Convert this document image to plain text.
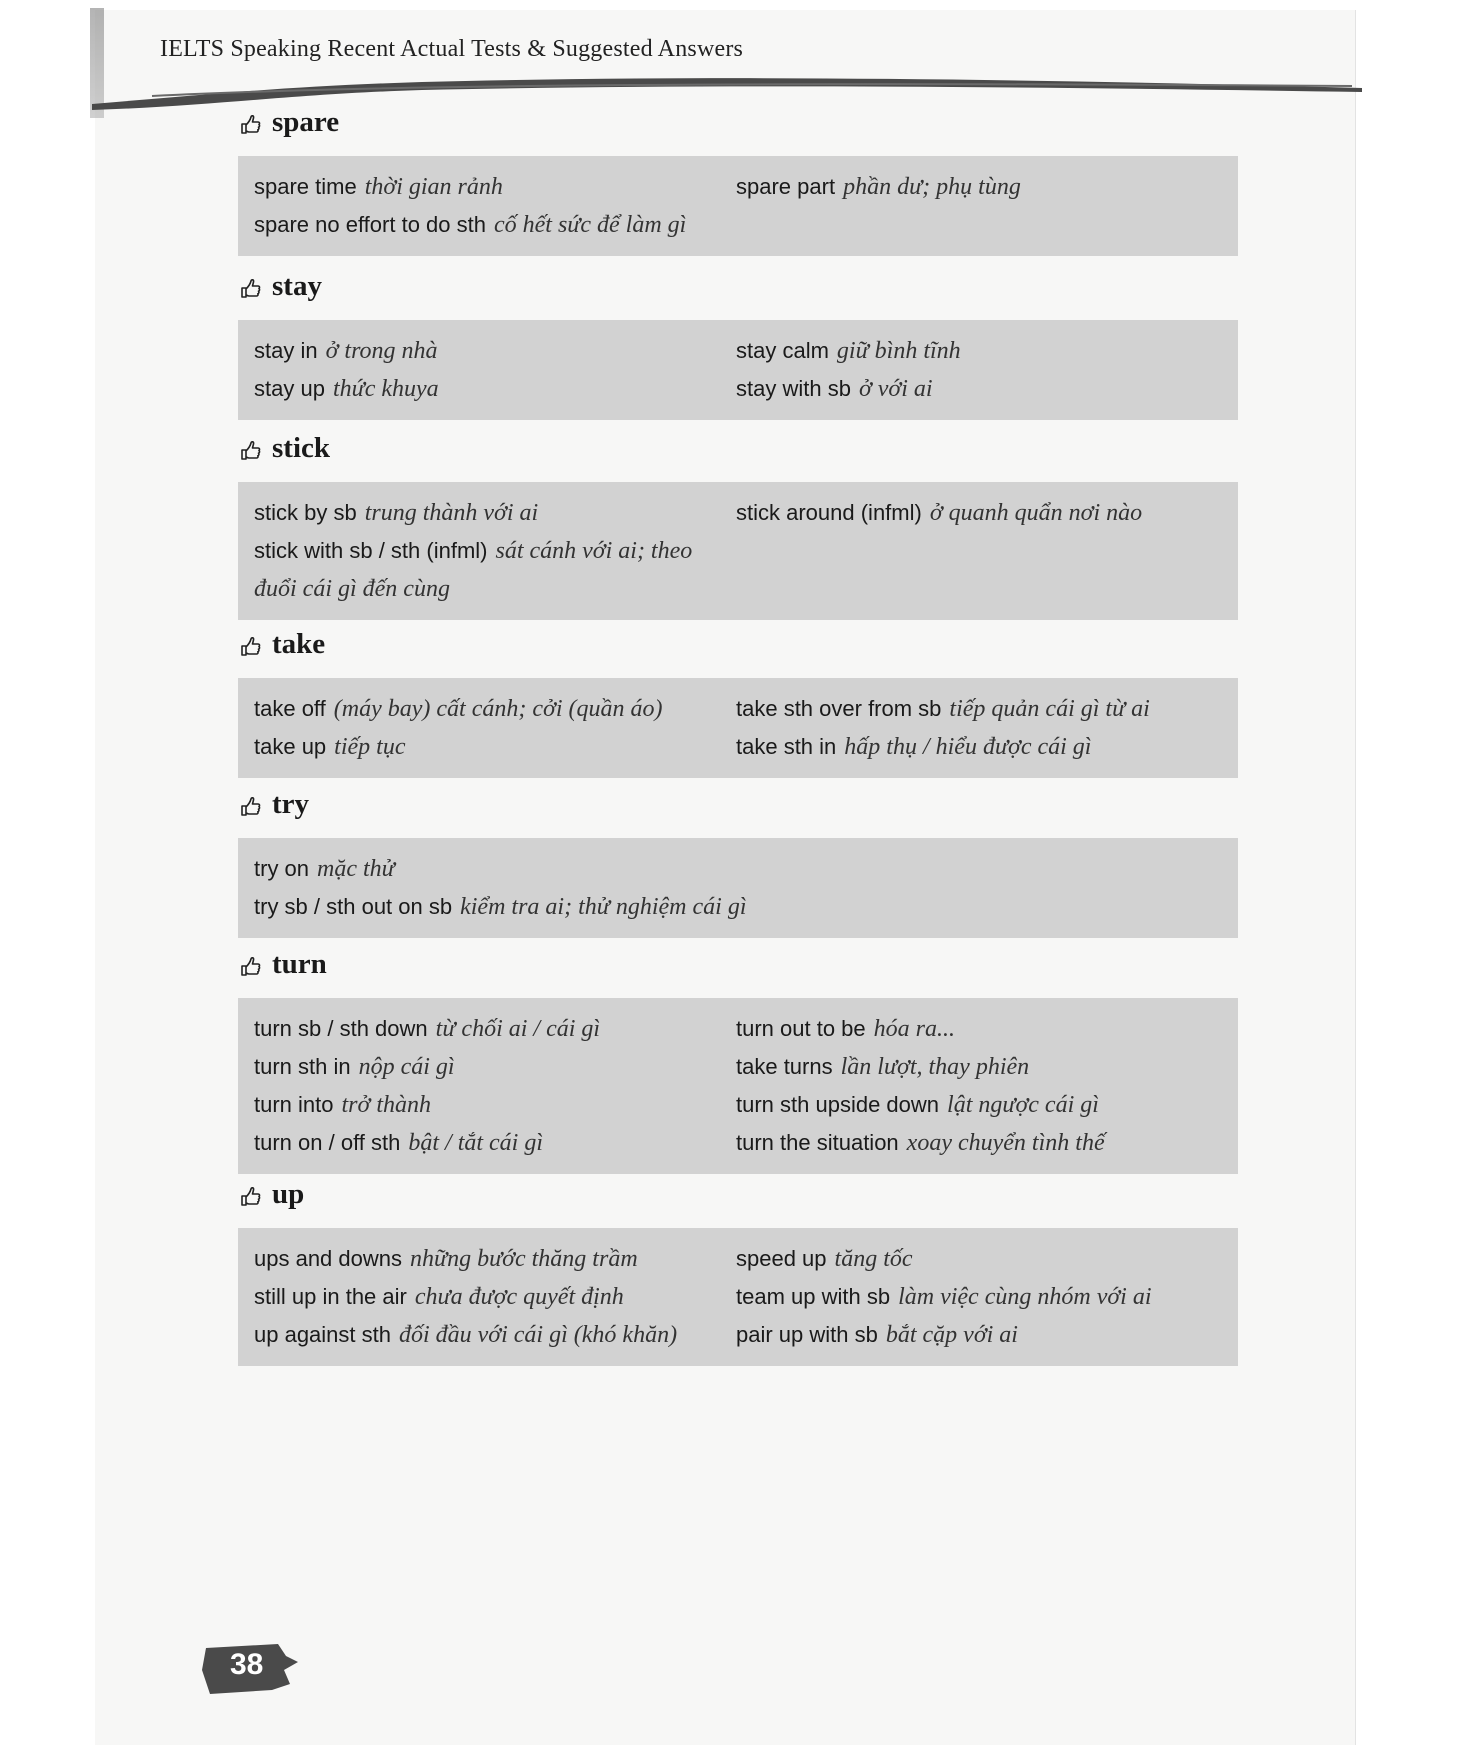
IELTS Speaking Recent Actual Tests & Suggested Answers
spare
spare time thời gian rảnh	spare part phần dư; phụ tùng
spare no effort to do sth cố hết sức để làm gì
stay
stay in ở trong nhà	stay calm giữ bình tĩnh
stay up thức khuya	stay with sb ở với ai
stick
stick by sb trung thành với ai	stick around (infml) ở quanh quẩn nơi nào
stick with sb / sth (infml) sát cánh với ai; theo đuổi cái gì đến cùng
take
take off (máy bay) cất cánh; cởi (quần áo)	take sth over from sb tiếp quản cái gì từ ai
take up tiếp tục	take sth in hấp thụ / hiểu được cái gì
try
try on mặc thử
try sb / sth out on sb kiểm tra ai; thử nghiệm cái gì
turn
turn sb / sth down từ chối ai / cái gì	turn out to be hóa ra...
turn sth in nộp cái gì	take turns lần lượt, thay phiên
turn into trở thành	turn sth upside down lật ngược cái gì
turn on / off sth bật / tắt cái gì	turn the situation xoay chuyển tình thế
up
ups and downs những bước thăng trầm	speed up tăng tốc
still up in the air chưa được quyết định	team up with sb làm việc cùng nhóm với ai
up against sth đối đầu với cái gì (khó khăn)	pair up with sb bắt cặp với ai
38
